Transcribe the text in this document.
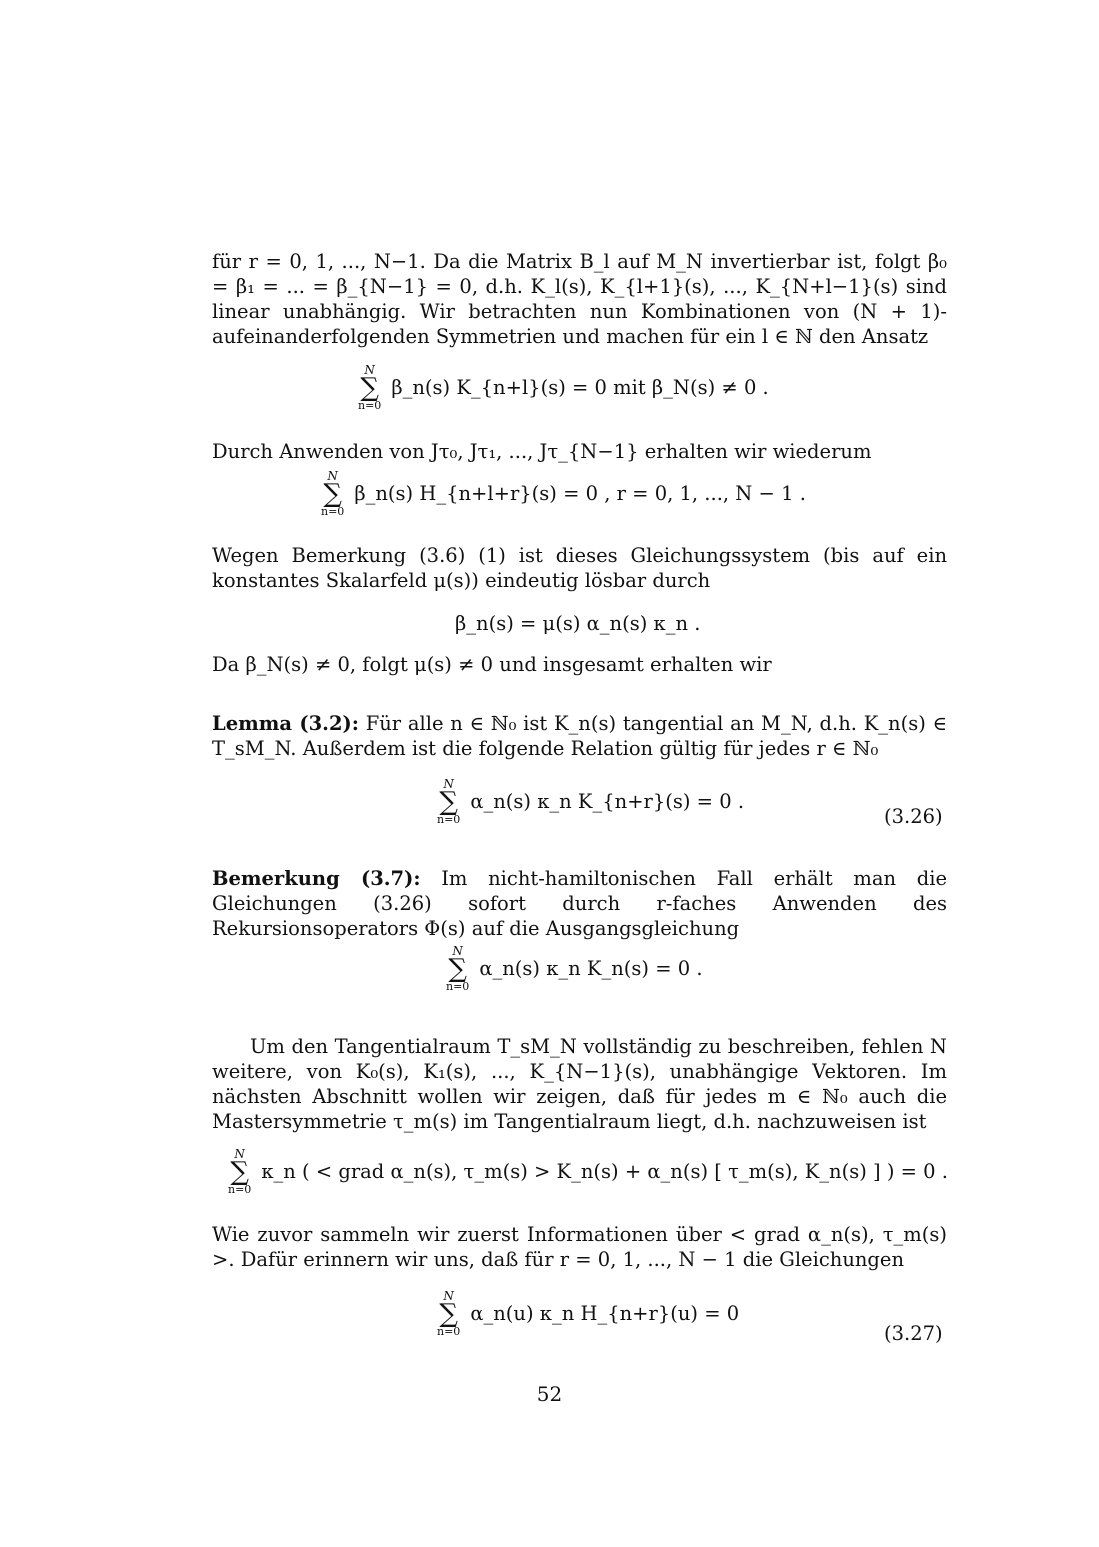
für r = 0, 1, ..., N−1. Da die Matrix B_l auf M_N invertierbar ist, folgt β₀ = β₁ = ... = β_{N−1} = 0, d.h. K_l(s), K_{l+1}(s), ..., K_{N+l−1}(s) sind linear unabhängig. Wir betrachten nun Kombinationen von (N + 1)-aufeinanderfolgenden Symmetrien und machen für ein l ∈ ℕ den Ansatz
N
∑
n=0
β_n(s) K_{n+l}(s) = 0 mit β_N(s) ≠ 0 .
Durch Anwenden von Jτ₀, Jτ₁, ..., Jτ_{N−1} erhalten wir wiederum
N
∑
n=0
β_n(s) H_{n+l+r}(s) = 0 , r = 0, 1, ..., N − 1 .
Wegen Bemerkung (3.6) (1) ist dieses Gleichungssystem (bis auf ein konstantes Skalarfeld μ(s)) eindeutig lösbar durch
β_n(s) = μ(s) α_n(s) κ_n .
Da β_N(s) ≠ 0, folgt μ(s) ≠ 0 und insgesamt erhalten wir
Lemma (3.2): Für alle n ∈ ℕ₀ ist K_n(s) tangential an M_N, d.h. K_n(s) ∈ T_sM_N. Außerdem ist die folgende Relation gültig für jedes r ∈ ℕ₀
N
∑
n=0
α_n(s) κ_n K_{n+r}(s) = 0 .
(3.26)
Bemerkung (3.7): Im nicht-hamiltonischen Fall erhält man die Gleichungen (3.26) sofort durch r-faches Anwenden des Rekursionsoperators Φ(s) auf die Ausgangsgleichung
N
∑
n=0
α_n(s) κ_n K_n(s) = 0 .
Um den Tangentialraum T_sM_N vollständig zu beschreiben, fehlen N weitere, von K₀(s), K₁(s), ..., K_{N−1}(s), unabhängige Vektoren. Im nächsten Abschnitt wollen wir zeigen, daß für jedes m ∈ ℕ₀ auch die Mastersymmetrie τ_m(s) im Tangentialraum liegt, d.h. nachzuweisen ist
N
∑
n=0
κ_n ( < grad α_n(s), τ_m(s) > K_n(s) + α_n(s) [ τ_m(s), K_n(s) ] ) = 0 .
Wie zuvor sammeln wir zuerst Informationen über < grad α_n(s), τ_m(s) >. Dafür erinnern wir uns, daß für r = 0, 1, ..., N − 1 die Gleichungen
N
∑
n=0
α_n(u) κ_n H_{n+r}(u) = 0
(3.27)
52
